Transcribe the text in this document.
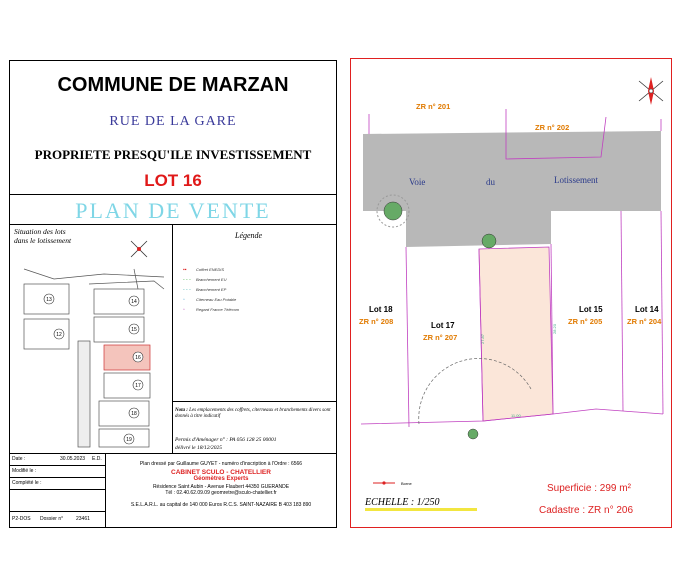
COMMUNE DE MARZAN
RUE DE LA GARE
PROPRIETE PRESQU'ILE INVESTISSEMENT
LOT 16
PLAN DE VENTE
Situation des lots
dans le lotissement
13	14
12
15
16
17
18
19
Légende
▪▪ Coffret ENEDIS
- - - Branchement EU
- - - Branchement EP
▫	Citerneau Eau Potable
▫	Regard France Télécom
Nota : Les emplacements des coffrets, citerneaux et branchements divers sont donnés à titre indicatif
Permis d'Aménager n° : PA 056 128 25 00001
délivré le 18/12/2025
Date :	30.05.2023 E.D.
Modifié le :
Complété le :
P2-DOS Dossier n°	23461
Plan dressé par Guillaume GUYET - numéro d'inscription à l'Ordre : 6566
CABINET SCULO - CHATELLIER
Géomètres Experts
Résidence Saint Aubin - Avenue Flaubert 44350 GUERANDE
Tél : 02.40.62.09.09 geomretre@sculo-chatellier.fr
S.E.L.A.R.L. au capital de 140 000 Euros R.C.S. SAINT-NAZAIRE B 403 183 890
Borne
27.87
28.20
11.00
ZR n° 201
ZR n° 202
Voie	du	Lotissement
Lot 18
ZR n° 208	Lot 17
ZR n° 207
Lot 15
ZR n° 205
Lot 14
ZR n° 204
ECHELLE : 1/250
Superficie : 299 m²
Cadastre : ZR n° 206
